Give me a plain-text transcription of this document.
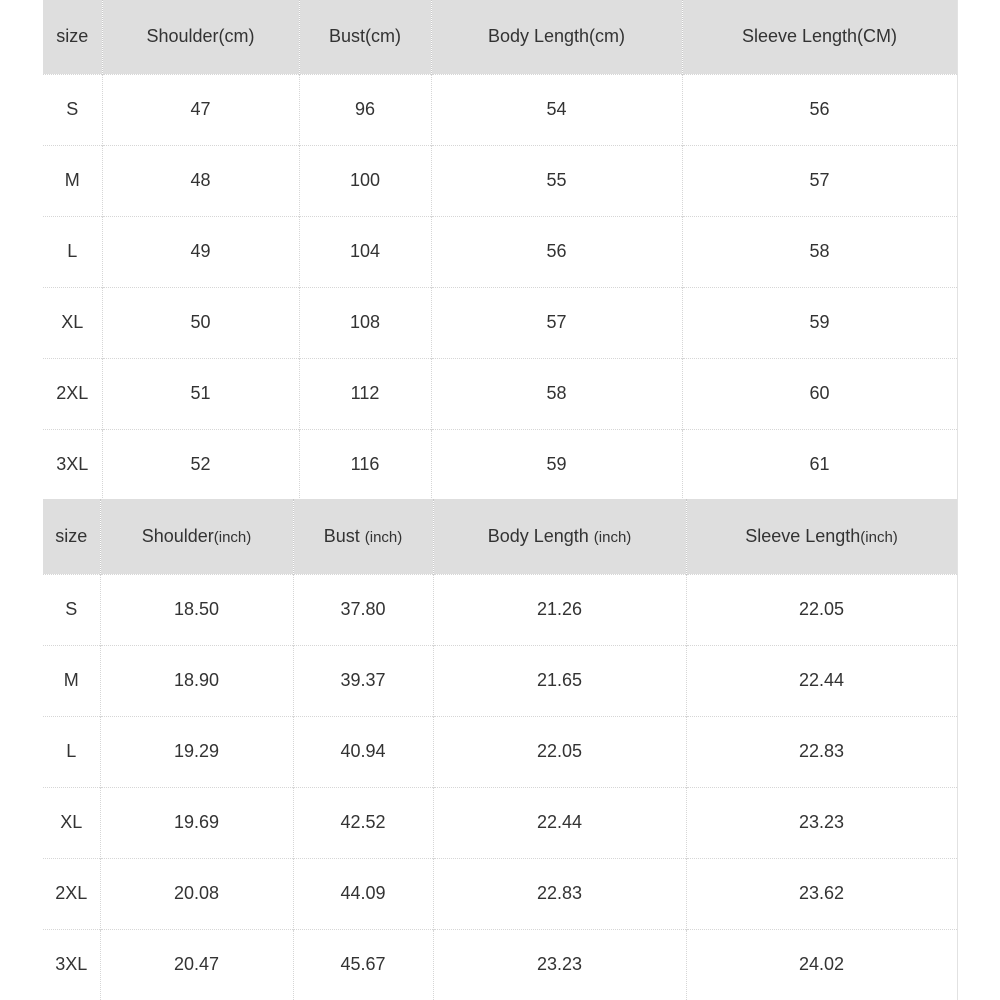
size	Shoulder(cm)	Bust(cm)	Body Length(cm)	Sleeve Length(CM)
S	47	96	54	56
M	48	100	55	57
L	49	104	56	58
XL	50	108	57	59
2XL	51	112	58	60
3XL	52	116	59	61
size	Shoulder(inch)	Bust (inch)	Body Length (inch)	Sleeve Length(inch)
S	18.50	37.80	21.26	22.05
M	18.90	39.37	21.65	22.44
L	19.29	40.94	22.05	22.83
XL	19.69	42.52	22.44	23.23
2XL	20.08	44.09	22.83	23.62
3XL	20.47	45.67	23.23	24.02
